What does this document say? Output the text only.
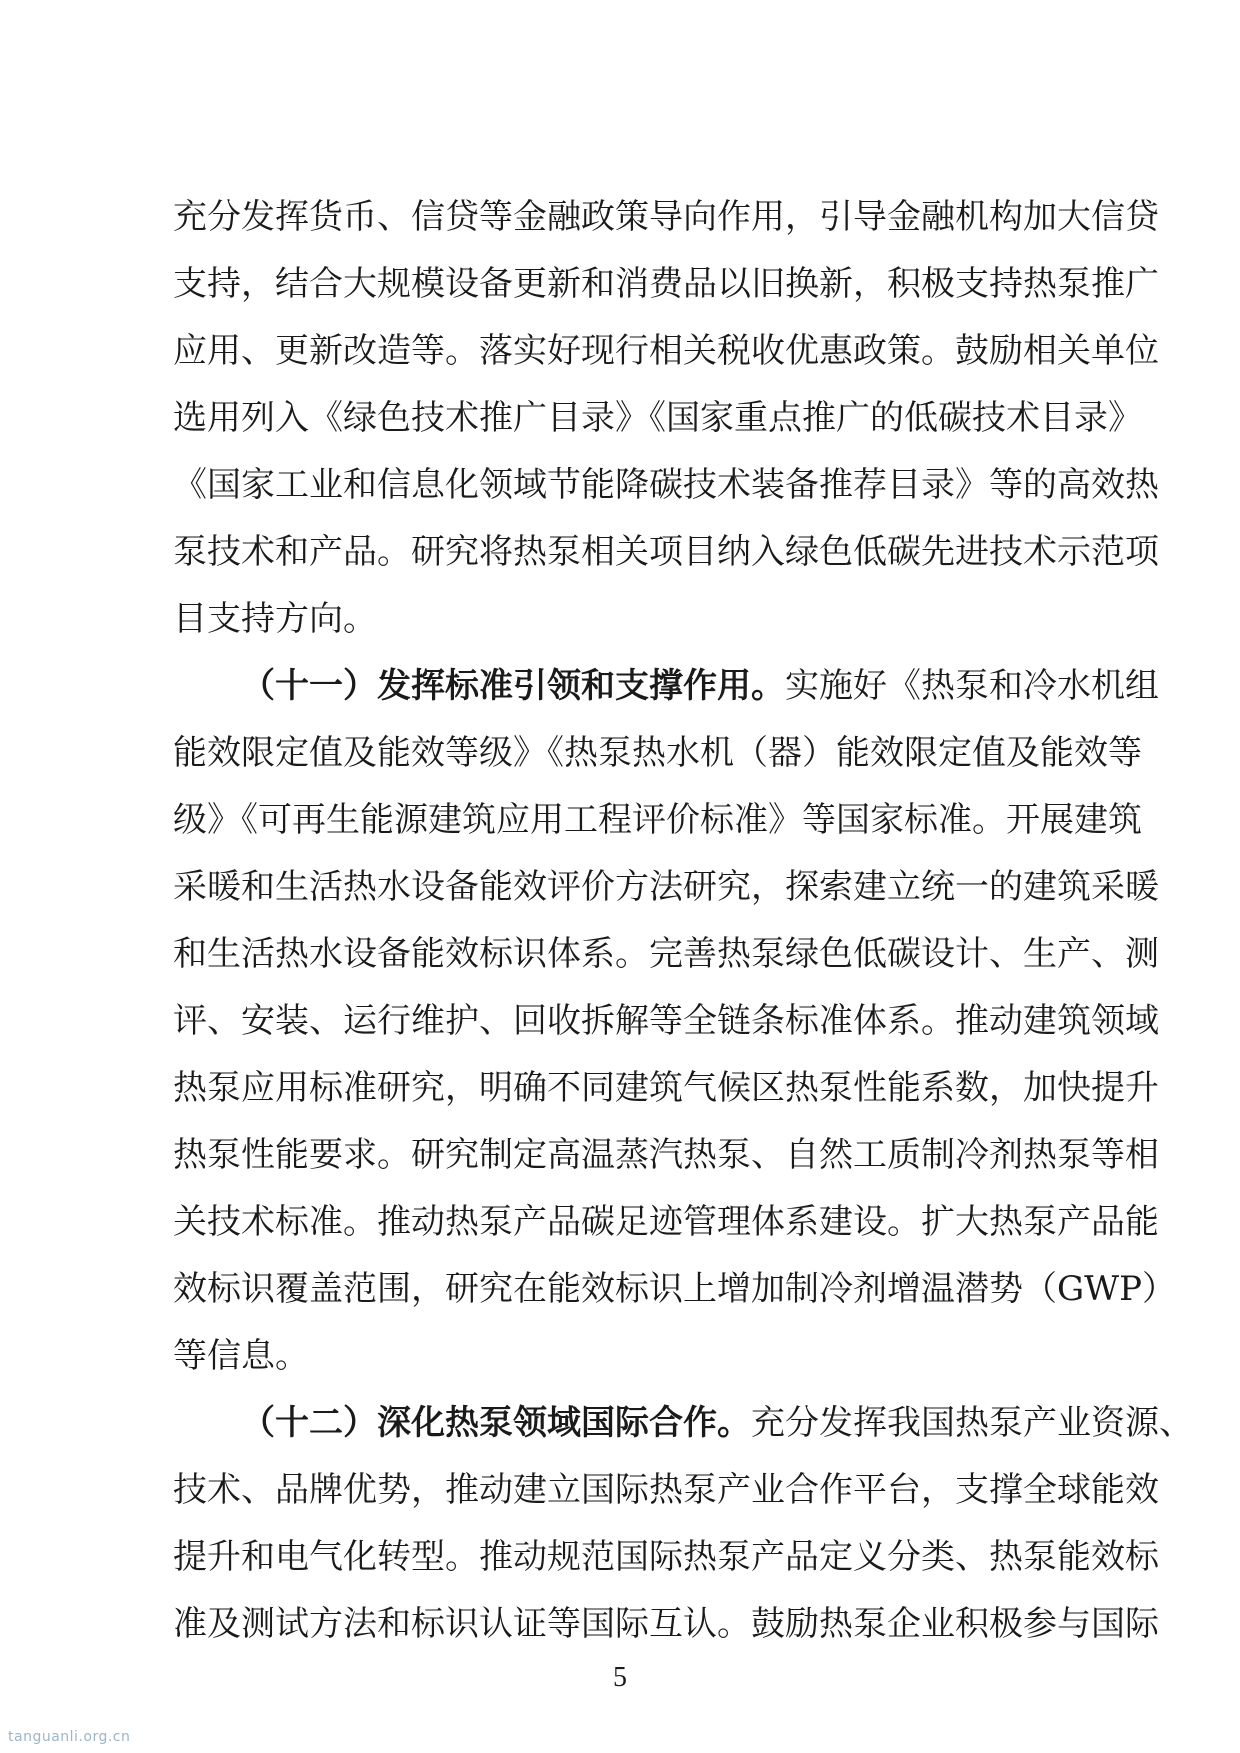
充分发挥货币、信贷等金融政策导向作用，引导金融机构加大信贷
支持，结合大规模设备更新和消费品以旧换新，积极支持热泵推广
应用、更新改造等。落实好现行相关税收优惠政策。鼓励相关单位
选用列入《绿色技术推广目录》《国家重点推广的低碳技术目录》
《国家工业和信息化领域节能降碳技术装备推荐目录》等的高效热
泵技术和产品。研究将热泵相关项目纳入绿色低碳先进技术示范项
目支持方向。
（十一）发挥标准引领和支撑作用。实施好《热泵和冷水机组
能效限定值及能效等级》《热泵热水机（器）能效限定值及能效等
级》《可再生能源建筑应用工程评价标准》等国家标准。开展建筑
采暖和生活热水设备能效评价方法研究，探索建立统一的建筑采暖
和生活热水设备能效标识体系。完善热泵绿色低碳设计、生产、测
评、安装、运行维护、回收拆解等全链条标准体系。推动建筑领域
热泵应用标准研究，明确不同建筑气候区热泵性能系数，加快提升
热泵性能要求。研究制定高温蒸汽热泵、自然工质制冷剂热泵等相
关技术标准。推动热泵产品碳足迹管理体系建设。扩大热泵产品能
效标识覆盖范围，研究在能效标识上增加制冷剂增温潜势（GWP）
等信息。
（十二）深化热泵领域国际合作。充分发挥我国热泵产业资源、
技术、品牌优势，推动建立国际热泵产业合作平台，支撑全球能效
提升和电气化转型。推动规范国际热泵产品定义分类、热泵能效标
准及测试方法和标识认证等国际互认。鼓励热泵企业积极参与国际
5
tanguanli.org.cn
